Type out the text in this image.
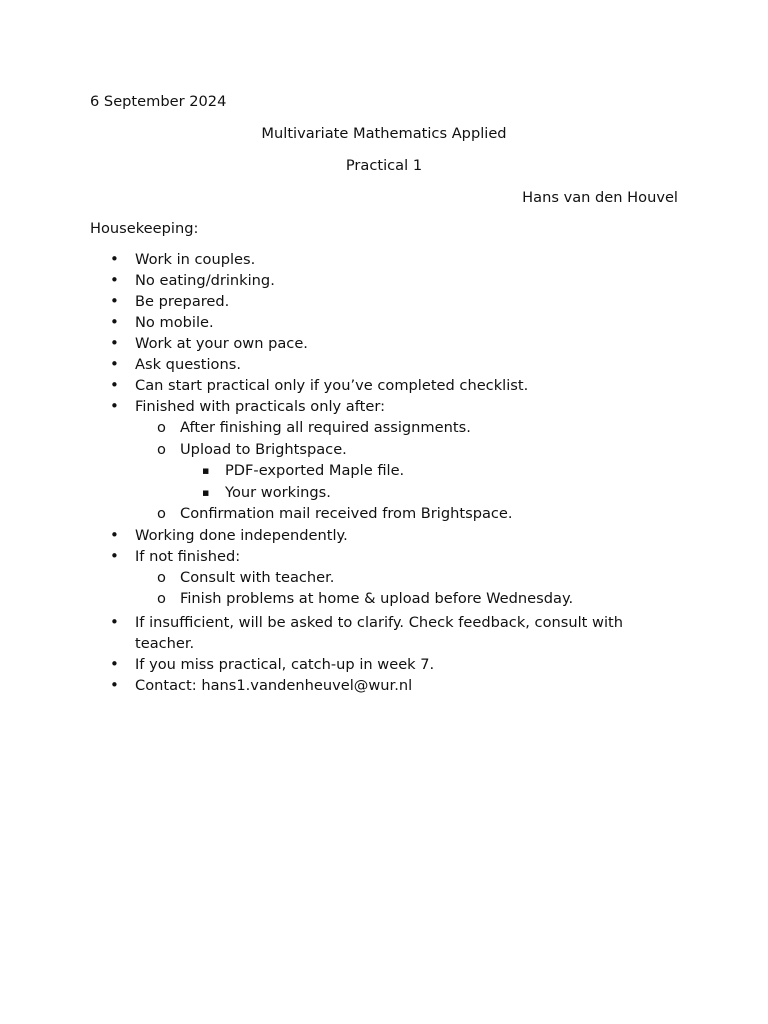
6 September 2024
Multivariate Mathematics Applied
Practical 1
Hans van den Houvel
Housekeeping:
• Work in couples.
• No eating/drinking.
• Be prepared.
• No mobile.
• Work at your own pace.
• Ask questions.
• Can start practical only if you’ve completed checklist.
• Finished with practicals only after:
o After finishing all required assignments.
o Upload to Brightspace.
▪ PDF-exported Maple file.
▪ Your workings.
o Confirmation mail received from Brightspace.
• Working done independently.
• If not finished:
o Consult with teacher.
o Finish problems at home & upload before Wednesday.
• If insufficient, will be asked to clarify. Check feedback, consult with teacher.
• If you miss practical, catch-up in week 7.
• Contact: hans1.vandenheuvel@wur.nl
